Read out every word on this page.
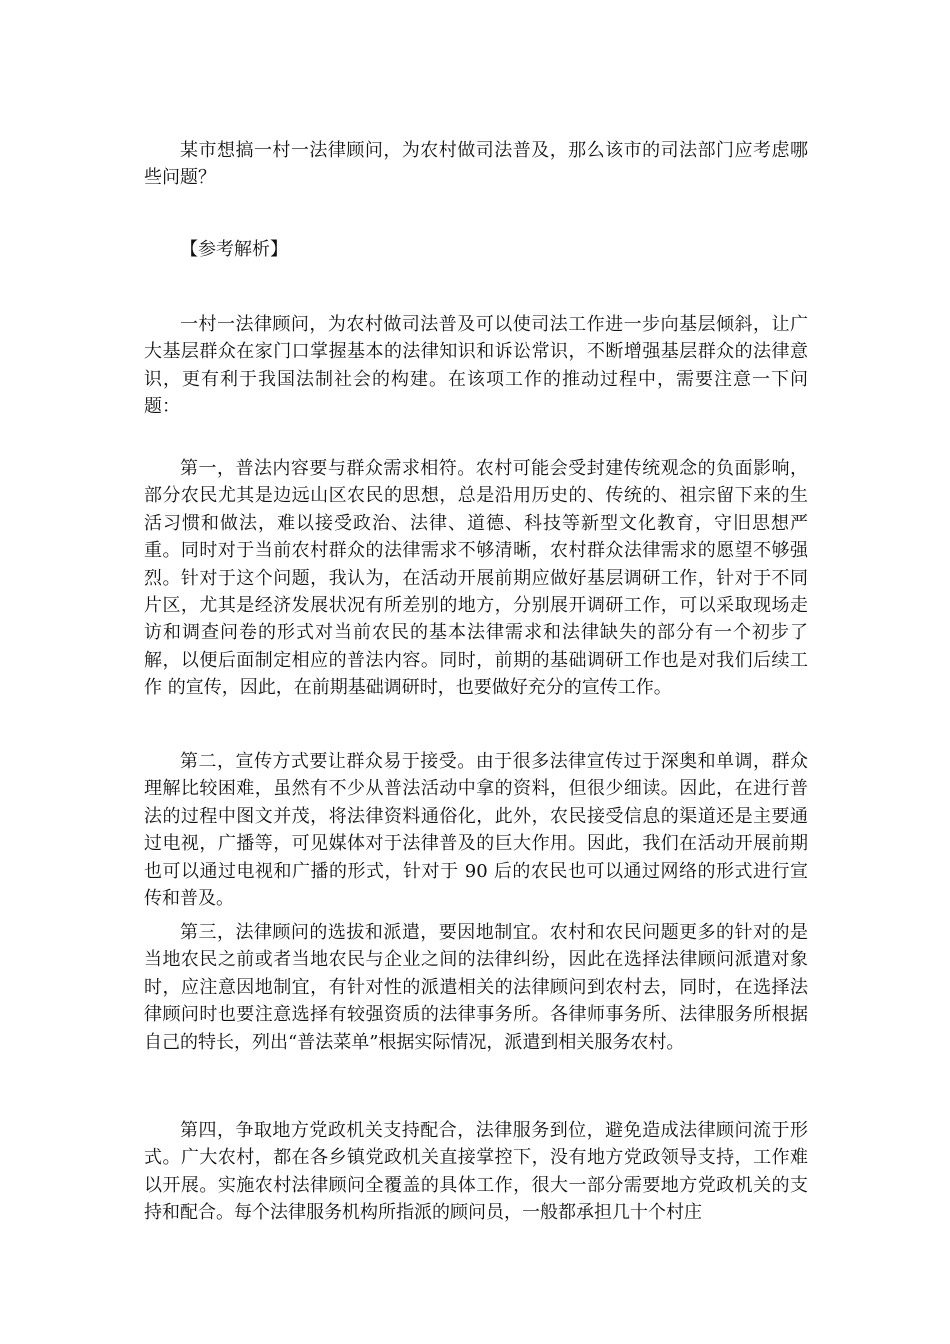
某市想搞一村一法律顾问，为农村做司法普及，那么该市的司法部门应考虑哪些问题？

【参考解析】

一村一法律顾问，为农村做司法普及可以使司法工作进一步向基层倾斜，让广大基层群众在家门口掌握基本的法律知识和诉讼常识，不断增强基层群众的法律意识，更有利于我国法制社会的构建。在该项工作的推动过程中，需要注意一下问题：

第一，普法内容要与群众需求相符。农村可能会受封建传统观念的负面影响，部分农民尤其是边远山区农民的思想，总是沿用历史的、传统的、祖宗留下来的生 活习惯和做法，难以接受政治、法律、道德、科技等新型文化教育，守旧思想严重。同时对于当前农村群众的法律需求不够清晰，农村群众法律需求的愿望不够强 烈。针对于这个问题，我认为，在活动开展前期应做好基层调研工作，针对于不同片区，尤其是经济发展状况有所差别的地方，分别展开调研工作，可以采取现场走 访和调查问卷的形式对当前农民的基本法律需求和法律缺失的部分有一个初步了解，以便后面制定相应的普法内容。同时，前期的基础调研工作也是对我们后续工作 的宣传，因此，在前期基础调研时，也要做好充分的宣传工作。

第二，宣传方式要让群众易于接受。由于很多法律宣传过于深奥和单调，群众理解比较困难，虽然有不少从普法活动中拿的资料，但很少细读。因此，在进行普 法的过程中图文并茂，将法律资料通俗化，此外，农民接受信息的渠道还是主要通过电视，广播等，可见媒体对于法律普及的巨大作用。因此，我们在活动开展前期 也可以通过电视和广播的形式，针对于 90 后的农民也可以通过网络的形式进行宣传和普及。

第三，法律顾问的选拔和派遣，要因地制宜。农村和农民问题更多的针对的是当地农民之前或者当地农民与企业之间的法律纠纷，因此在选择法律顾问派遣对象 时，应注意因地制宜，有针对性的派遣相关的法律顾问到农村去，同时，在选择法律顾问时也要注意选择有较强资质的法律事务所。各律师事务所、法律服务所根据 自己的特长，列出“普法菜单”根据实际情况，派遣到相关服务农村。

第四，争取地方党政机关支持配合，法律服务到位，避免造成法律顾问流于形式。广大农村，都在各乡镇党政机关直接掌控下，没有地方党政领导支持，工作难 以开展。实施农村法律顾问全覆盖的具体工作，很大一部分需要地方党政机关的支持和配合。每个法律服务机构所指派的顾问员，一般都承担几十个村庄
